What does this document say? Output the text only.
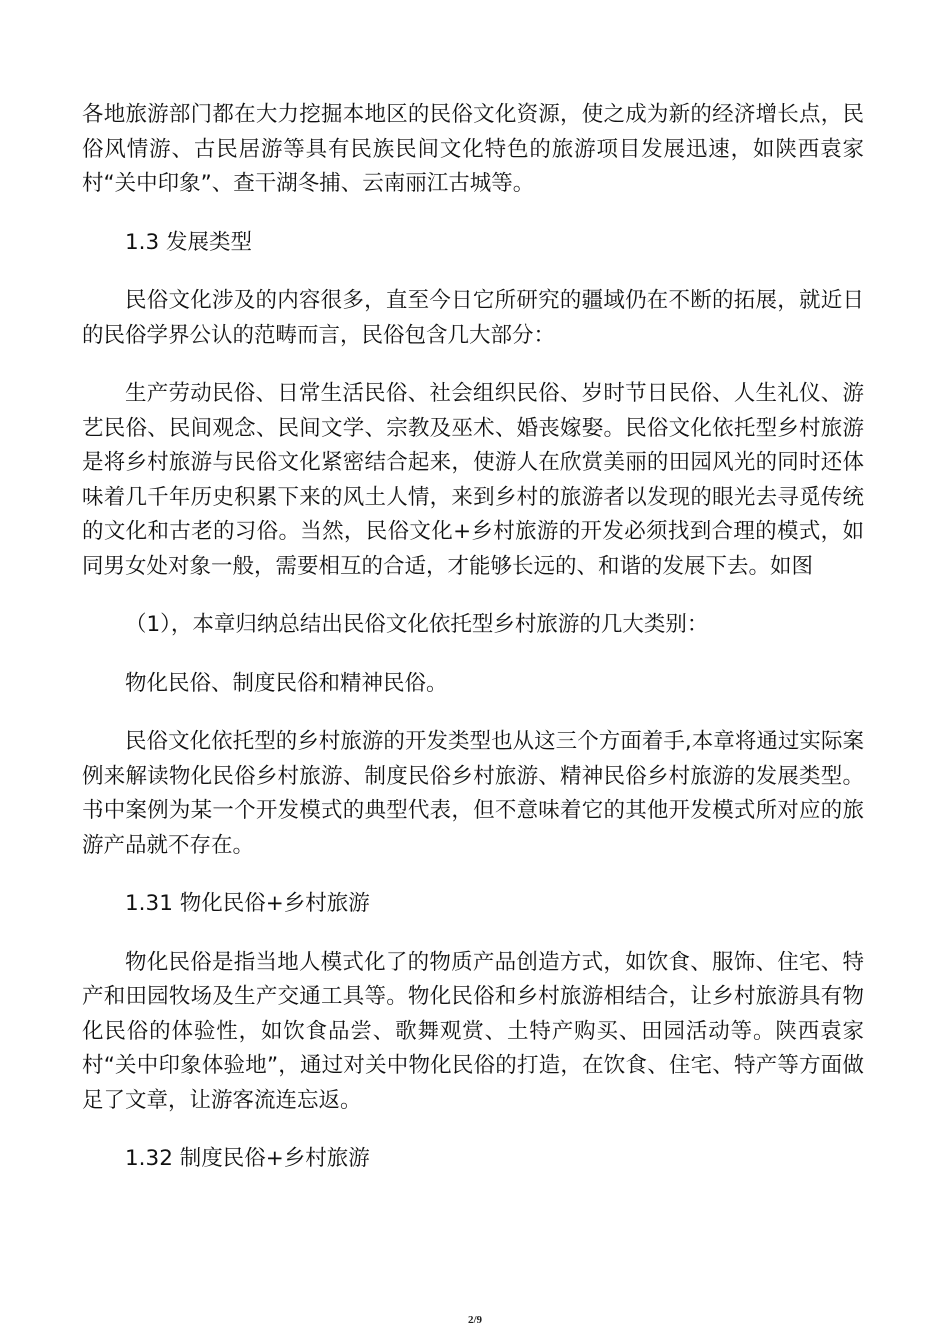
各地旅游部门都在大力挖掘本地区的民俗文化资源，使之成为新的经济增长点，民俗风情游、古民居游等具有民族民间文化特色的旅游项目发展迅速，如陕西袁家村“关中印象”、查干湖冬捕、云南丽江古城等。

1.3 发展类型

民俗文化涉及的内容很多，直至今日它所研究的疆域仍在不断的拓展，就近日的民俗学界公认的范畴而言，民俗包含几大部分：

生产劳动民俗、日常生活民俗、社会组织民俗、岁时节日民俗、人生礼仪、游艺民俗、民间观念、民间文学、宗教及巫术、婚丧嫁娶。民俗文化依托型乡村旅游是将乡村旅游与民俗文化紧密结合起来，使游人在欣赏美丽的田园风光的同时还体味着几千年历史积累下来的风土人情，来到乡村的旅游者以发现的眼光去寻觅传统的文化和古老的习俗。当然，民俗文化+乡村旅游的开发必须找到合理的模式，如同男女处对象一般，需要相互的合适，才能够长远的、和谐的发展下去。如图

（1），本章归纳总结出民俗文化依托型乡村旅游的几大类别：

物化民俗、制度民俗和精神民俗。

民俗文化依托型的乡村旅游的开发类型也从这三个方面着手,本章将通过实际案例来解读物化民俗乡村旅游、制度民俗乡村旅游、精神民俗乡村旅游的发展类型。书中案例为某一个开发模式的典型代表，但不意味着它的其他开发模式所对应的旅游产品就不存在。

1.31 物化民俗+乡村旅游

物化民俗是指当地人模式化了的物质产品创造方式，如饮食、服饰、住宅、特产和田园牧场及生产交通工具等。物化民俗和乡村旅游相结合，让乡村旅游具有物化民俗的体验性，如饮食品尝、歌舞观赏、土特产购买、田园活动等。陕西袁家村“关中印象体验地”，通过对关中物化民俗的打造，在饮食、住宅、特产等方面做足了文章，让游客流连忘返。

1.32 制度民俗+乡村旅游

2/9
